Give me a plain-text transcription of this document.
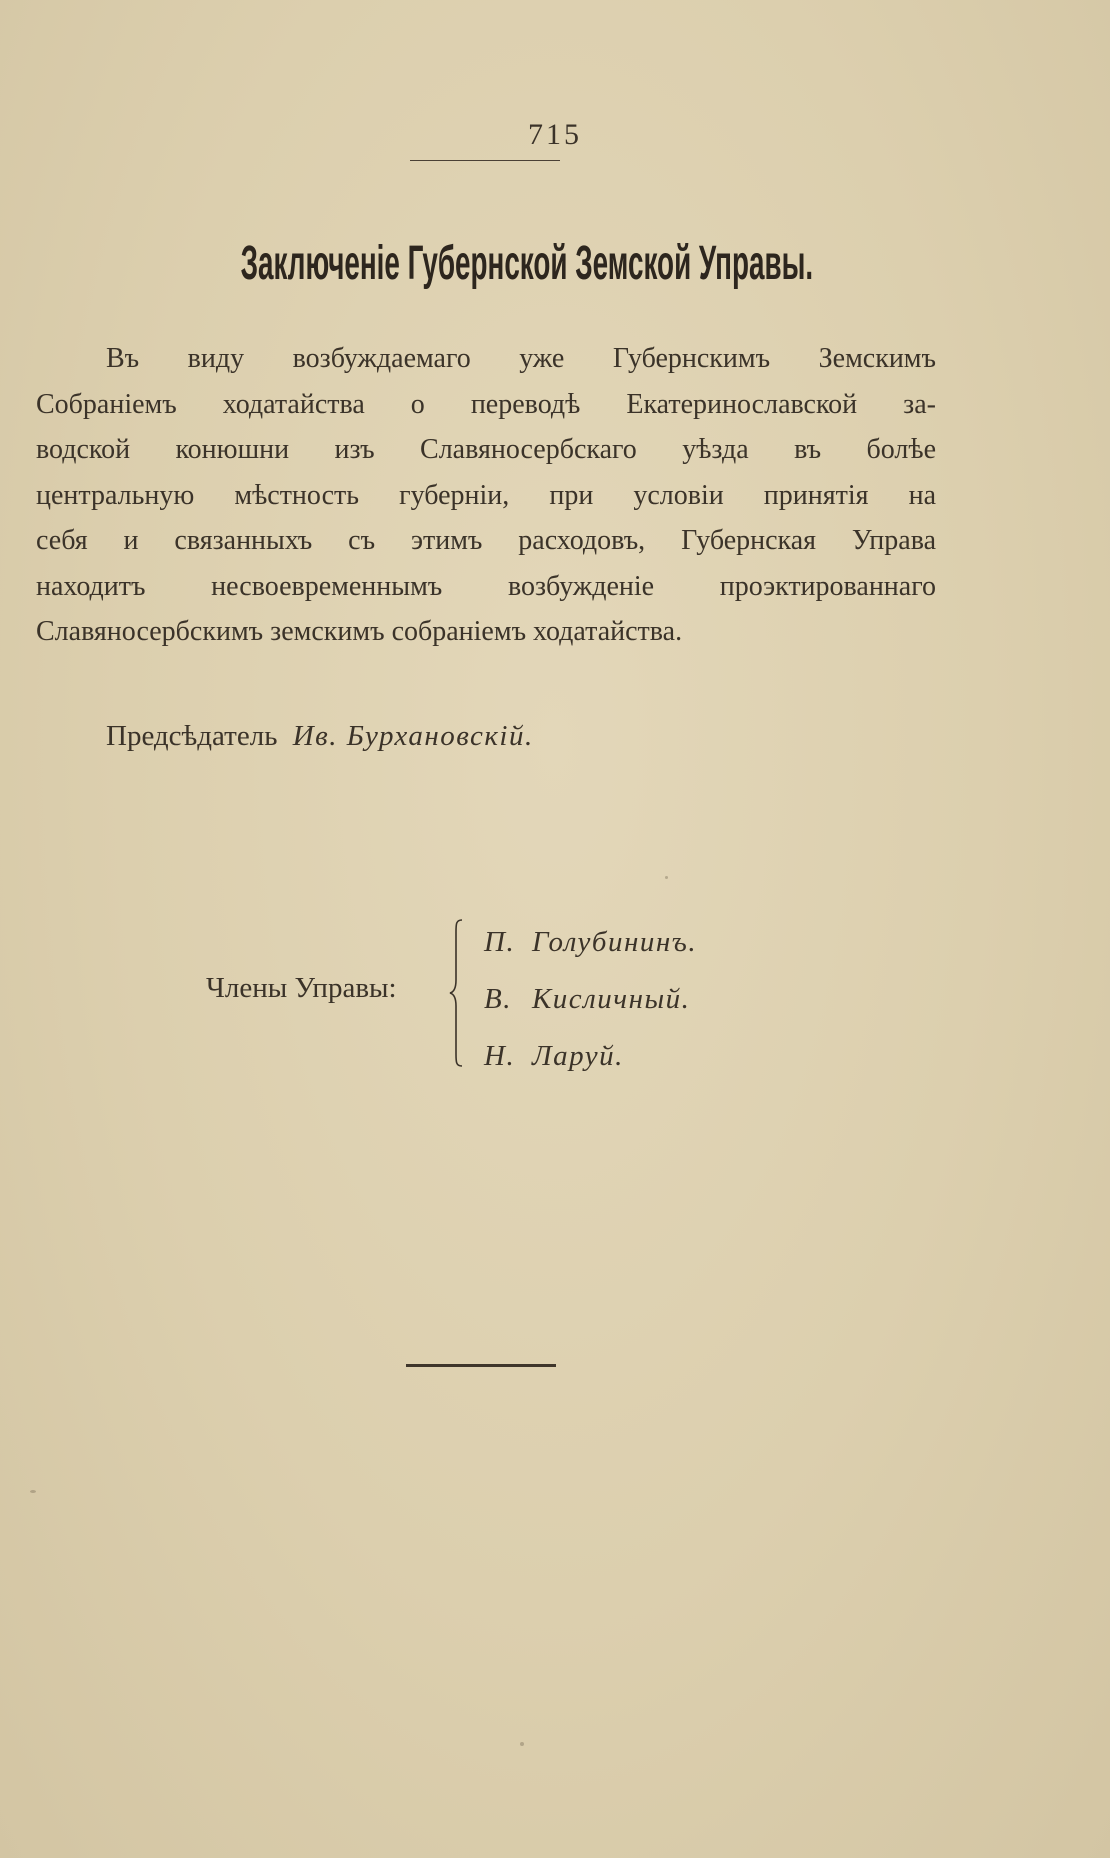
715
Заключеніе Губернской Земской Управы.
Въ виду возбуждаемаго уже Губернскимъ Земскимъ
Собраніемъ ходатайства о переводѣ Екатеринославской за-
водской конюшни изъ Славяносербскаго уѣзда въ болѣе
центральную мѣстность губерніи, при условіи принятія на
себя и связанныхъ съ этимъ расходовъ, Губернская Управа
находитъ несвоевременнымъ возбужденіе проэктированнаго
Славяносербскимъ земскимъ собраніемъ ходатайства.
Предсѣдатель Ив. Бурхановскій.
Члены Управы:
П. Голубининъ.
В. Кисличный.
Н. Ларуй.
